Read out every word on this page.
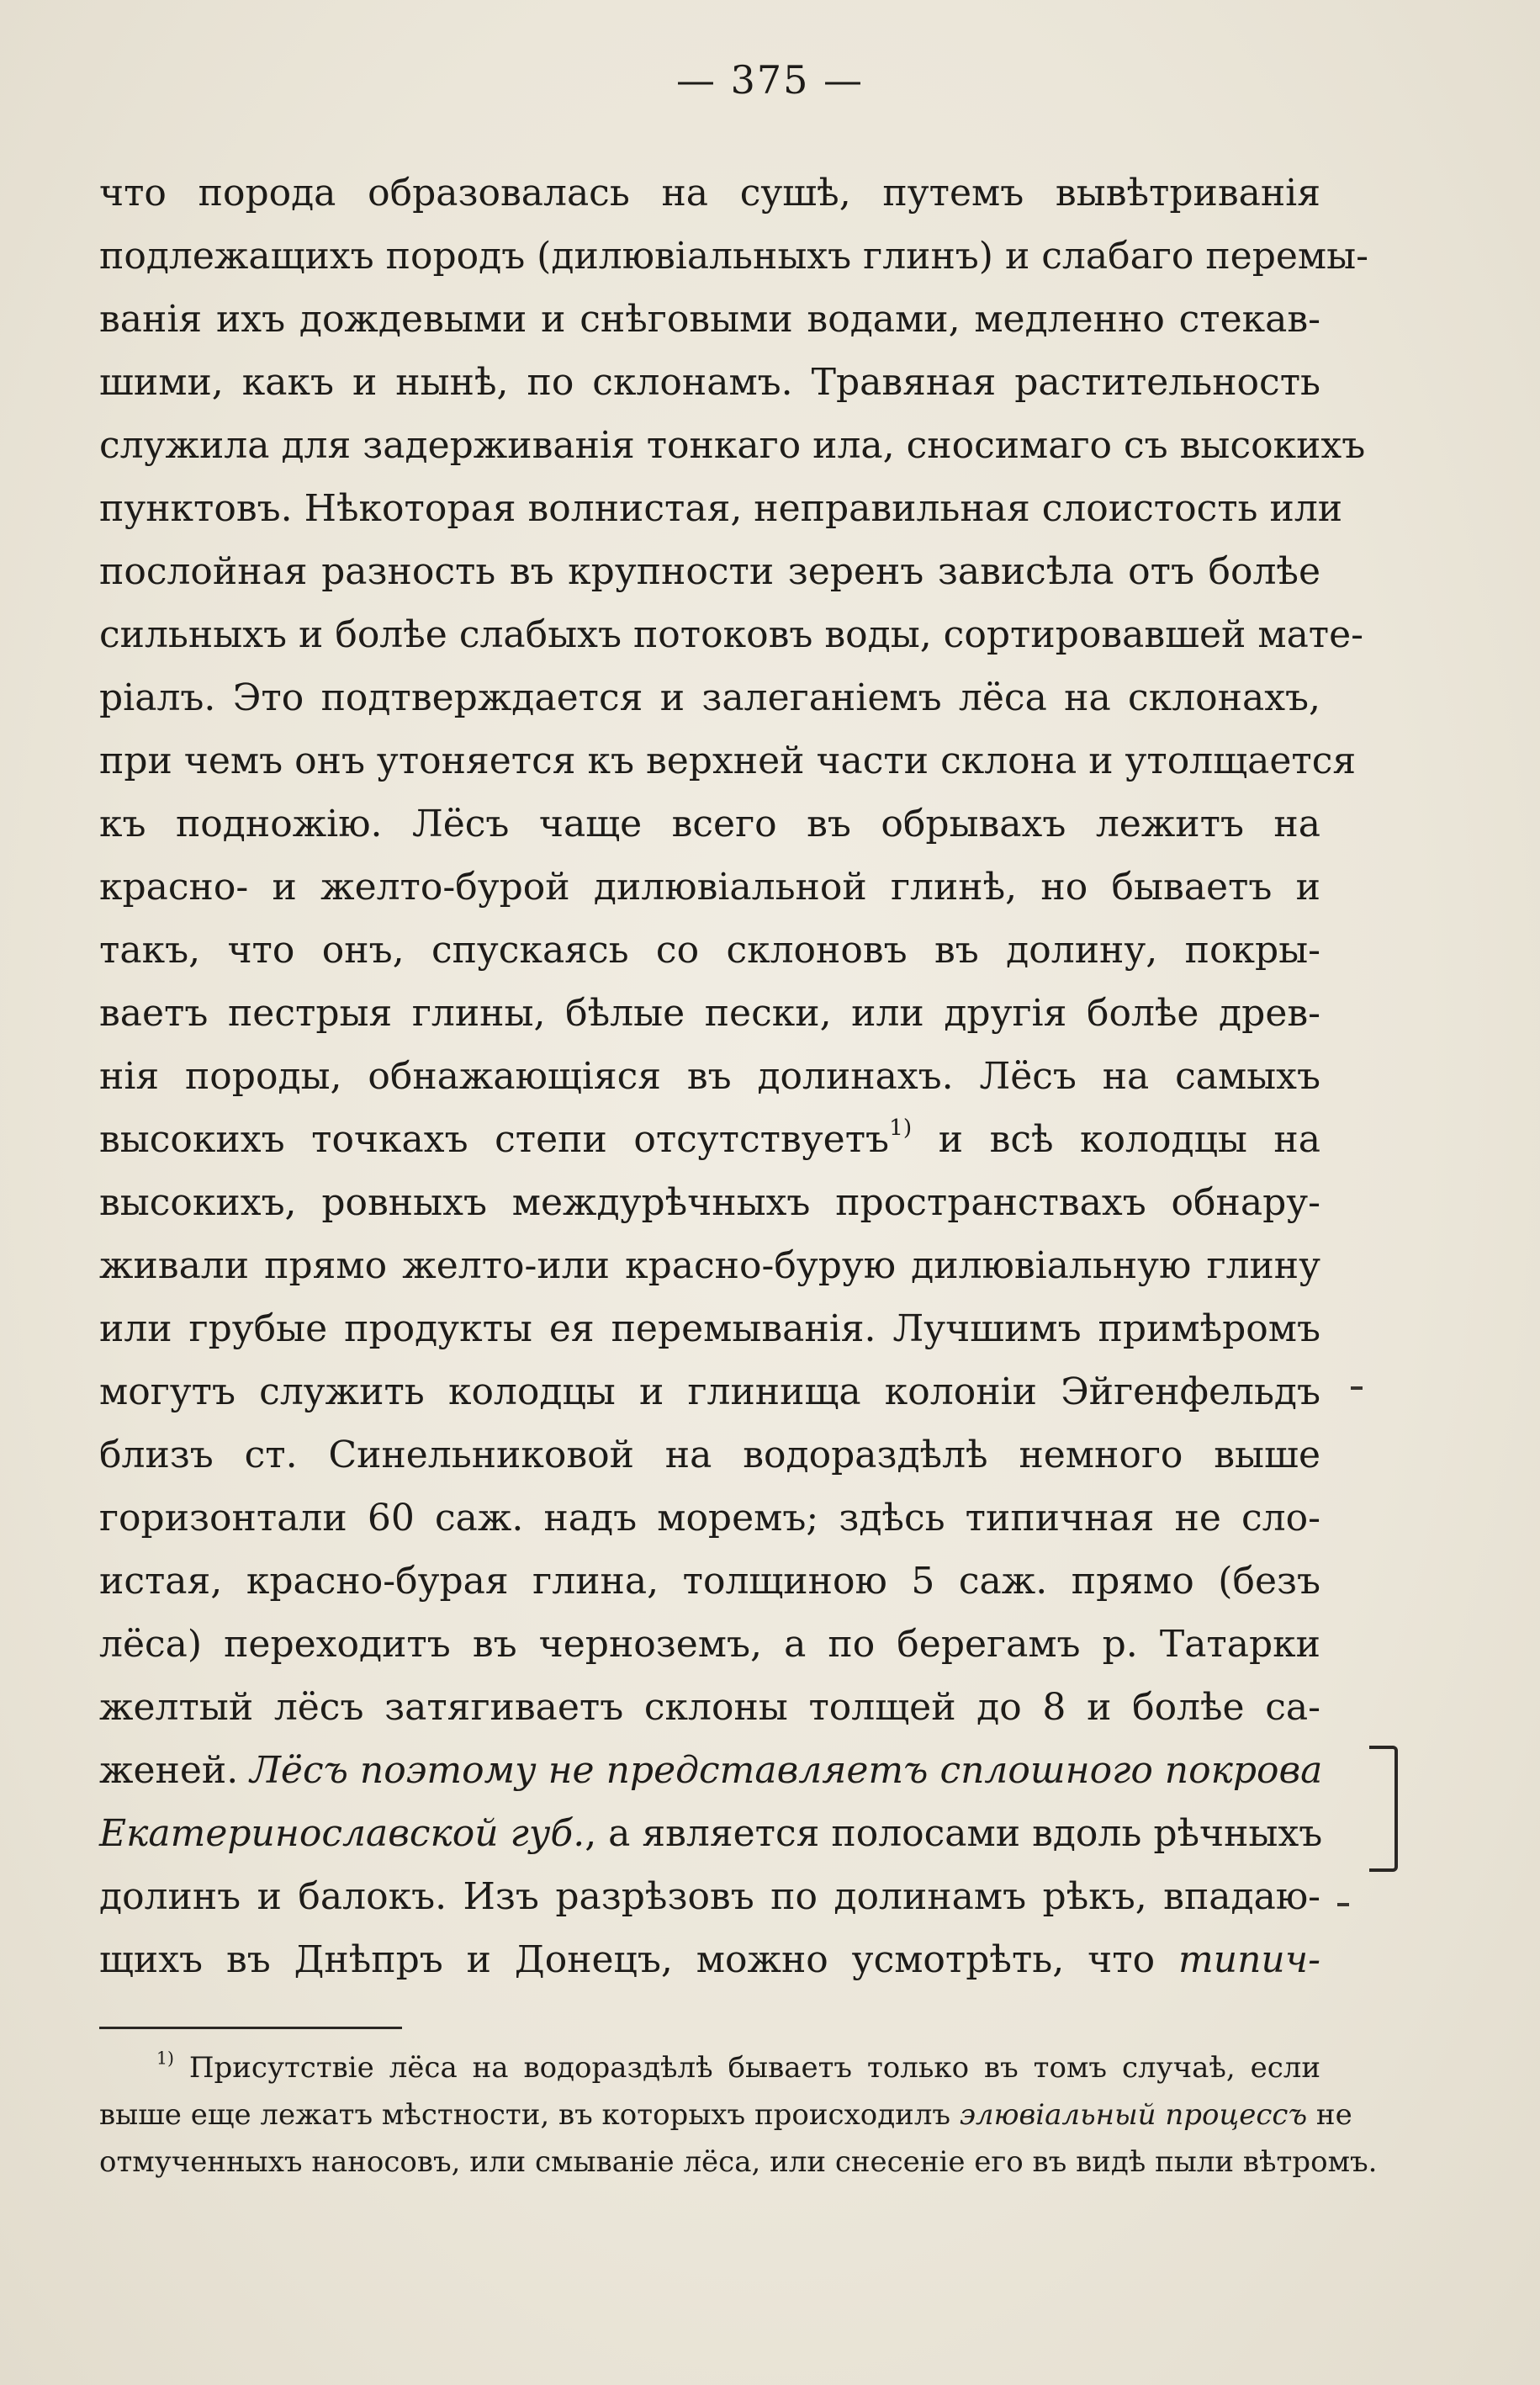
— 375 —
что порода образовалась на сушѣ, путемъ вывѣтриванія
подлежащихъ породъ (дилювіальныхъ глинъ) и слабаго перемы-
ванія ихъ дождевыми и снѣговыми водами, медленно стекав-
шими, какъ и нынѣ, по склонамъ. Травяная растительность
служила для задерживанія тонкаго ила, сносимаго съ высокихъ
пунктовъ. Нѣкоторая волнистая, неправильная слоистость или
послойная разность въ крупности зеренъ зависѣла отъ болѣе
сильныхъ и болѣе слабыхъ потоковъ воды, сортировавшей мате-
ріалъ. Это подтверждается и залеганіемъ лёса на склонахъ,
при чемъ онъ утоняется къ верхней части склона и утолщается
къ подножію. Лёсъ чаще всего въ обрывахъ лежитъ на
красно- и желто-бурой дилювіальной глинѣ, но бываетъ и
такъ, что онъ, спускаясь со склоновъ въ долину, покры-
ваетъ пестрыя глины, бѣлые пески, или другія болѣе древ-
нія породы, обнажающіяся въ долинахъ. Лёсъ на самыхъ
высокихъ точкахъ степи отсутствуетъ$^{1)}$ и всѣ колодцы на
высокихъ, ровныхъ междурѣчныхъ пространствахъ обнару-
живали прямо желто-или красно-бурую дилювіальную глину
или грубые продукты ея перемыванія. Лучшимъ примѣромъ
могутъ служить колодцы и глинища колоніи Эйгенфельдъ
близъ ст. Синельниковой на водораздѣлѣ немного выше
горизонтали 60 саж. надъ моремъ; здѣсь типичная не сло-
истая, красно-бурая глина, толщиною 5 саж. прямо (безъ
лёса) переходитъ въ черноземъ, а по берегамъ р. Татарки
желтый лёсъ затягиваетъ склоны толщей до 8 и болѣе са-
женей. Лёсъ поэтому не представляетъ сплошного покрова
Екатеринославской губ., а является полосами вдоль рѣчныхъ
долинъ и балокъ. Изъ разрѣзовъ по долинамъ рѣкъ, впадаю-
щихъ въ Днѣпръ и Донецъ, можно усмотрѣть, что типич-
$^{1)}$ Присутствіе лёса на водораздѣлѣ бываетъ только въ томъ случаѣ, если
выше еще лежатъ мѣстности, въ которыхъ происходилъ элювіальный процессъ не
отмученныхъ наносовъ, или смываніе лёса, или снесеніе его въ видѣ пыли вѣтромъ.
